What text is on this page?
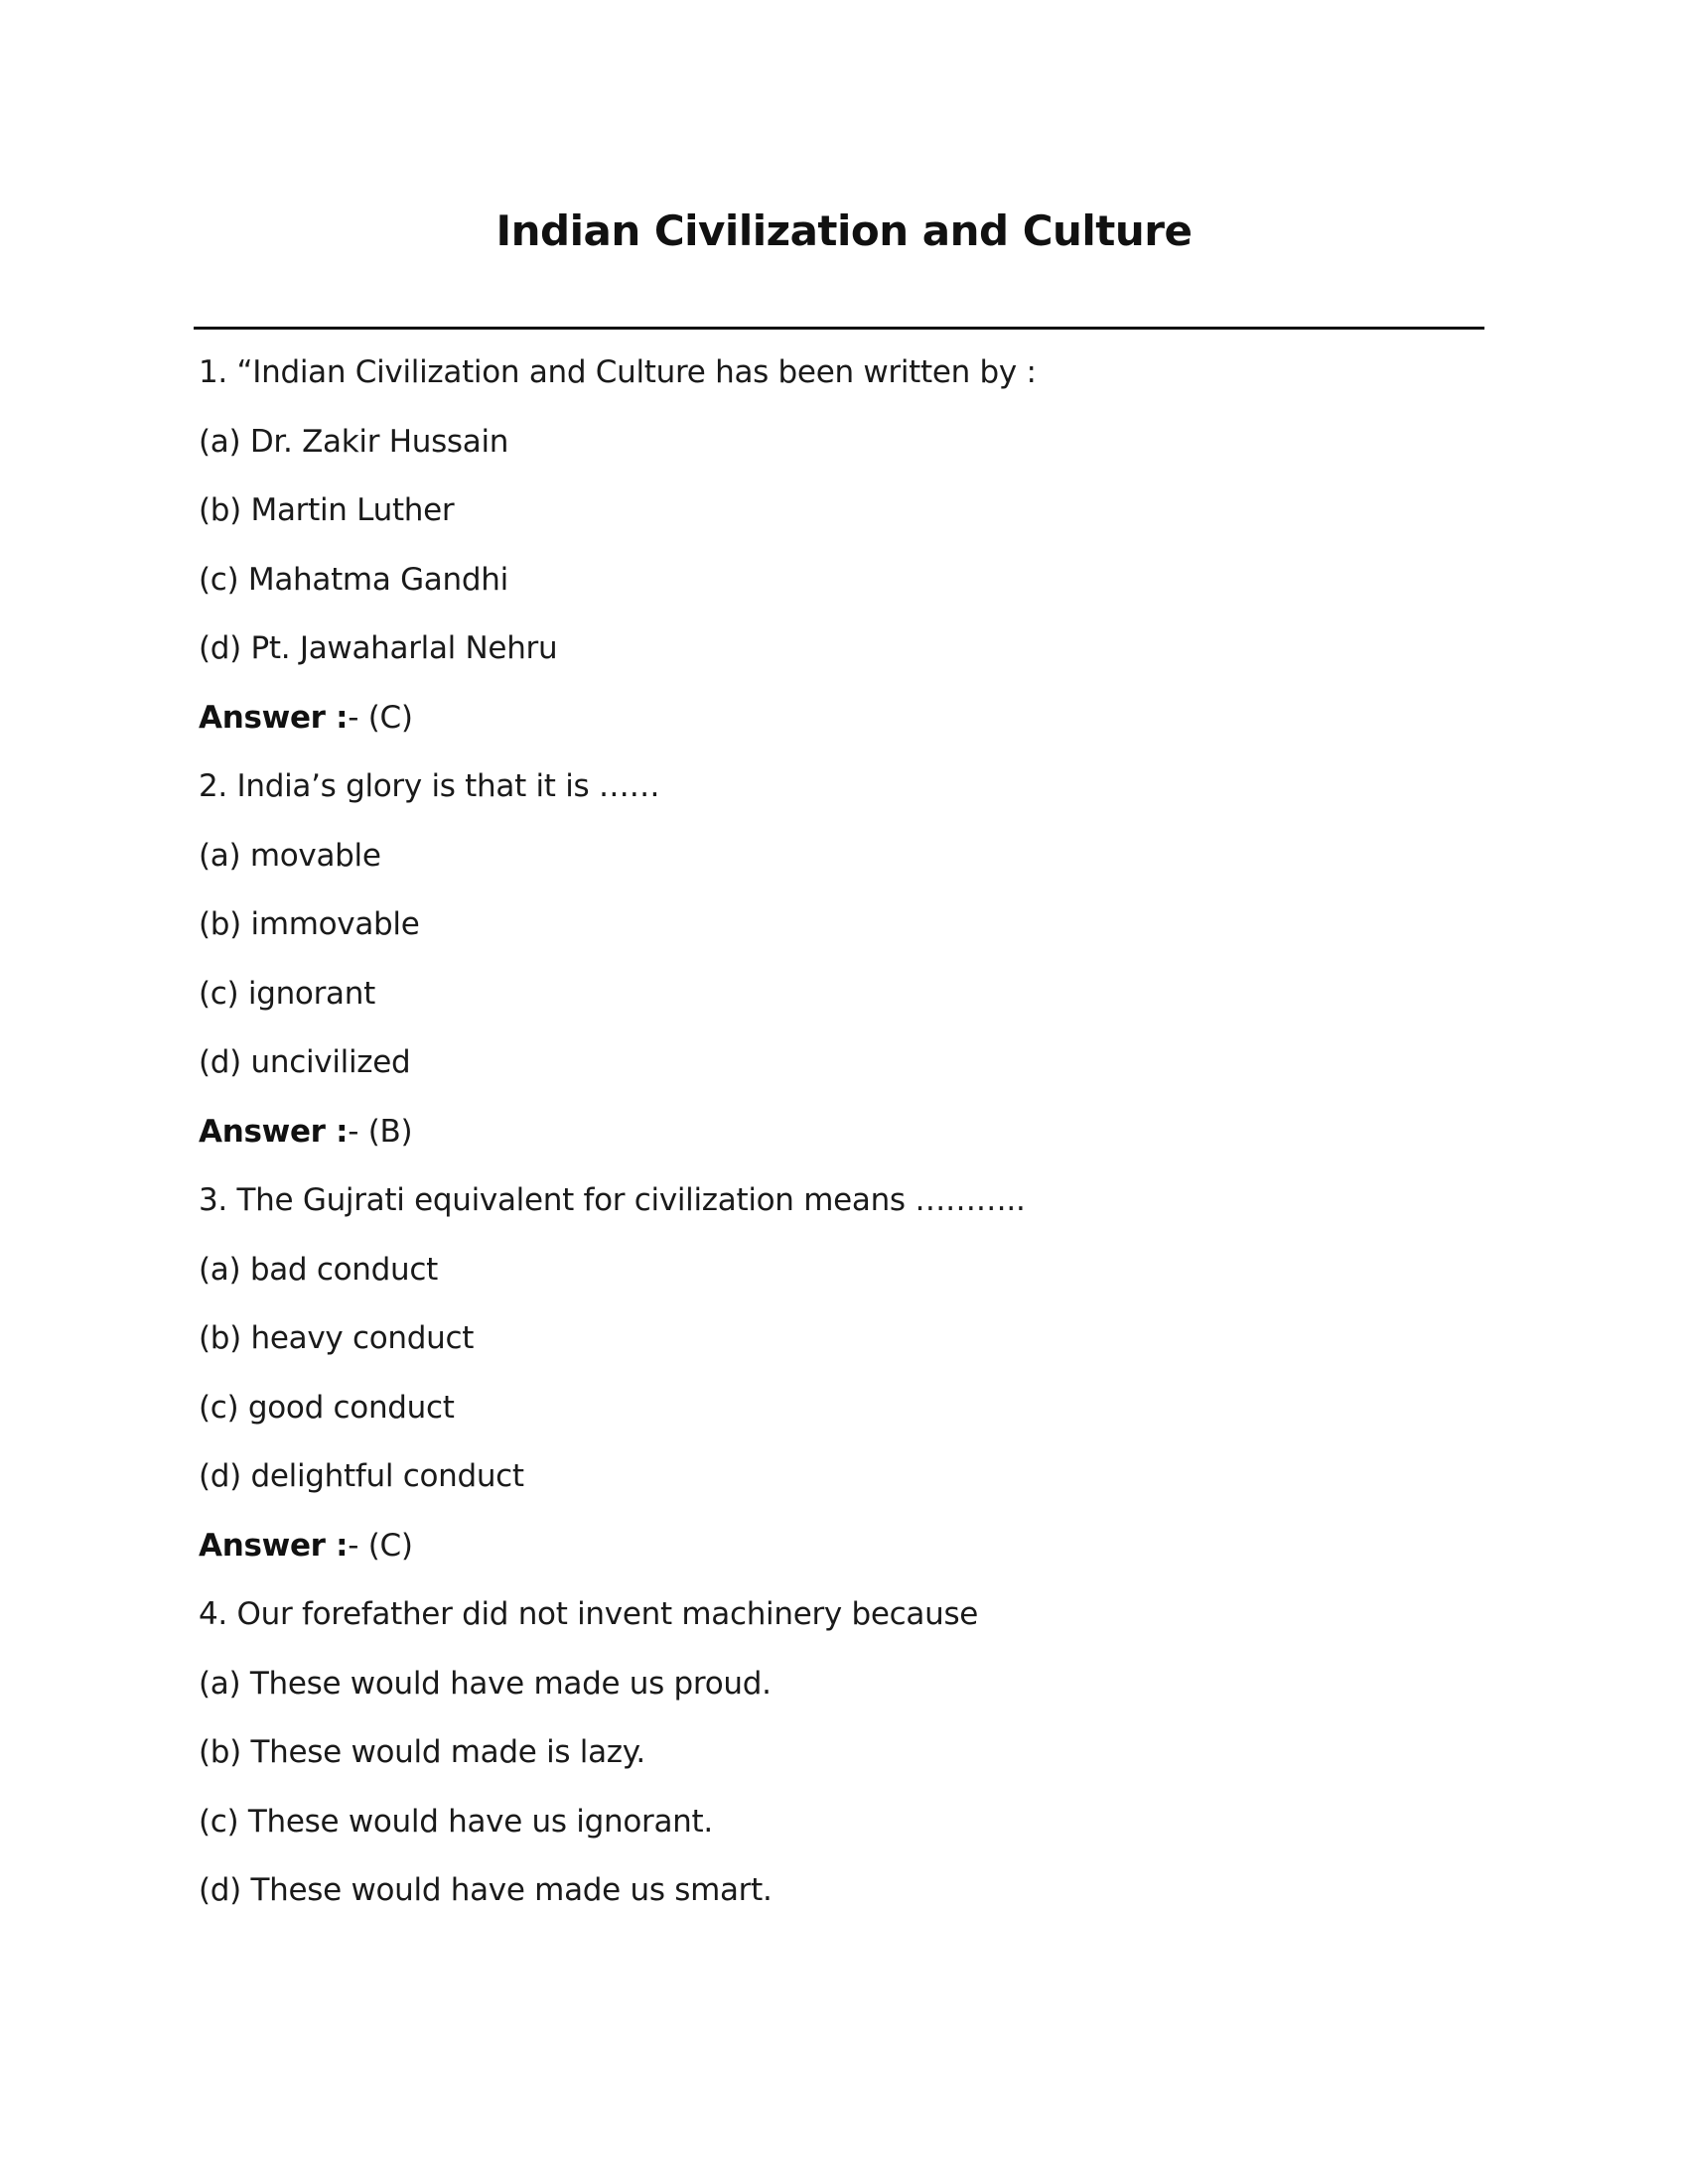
Indian Civilization and Culture
1. “Indian Civilization and Culture has been written by :
(a) Dr. Zakir Hussain
(b) Martin Luther
(c) Mahatma Gandhi
(d) Pt. Jawaharlal Nehru
Answer :- (C)
2. India’s glory is that it is ……
(a) movable
(b) immovable
(c) ignorant
(d) uncivilized
Answer :- (B)
3. The Gujrati equivalent for civilization means ………..
(a) bad conduct
(b) heavy conduct
(c) good conduct
(d) delightful conduct
Answer :- (C)
4. Our forefather did not invent machinery because
(a) These would have made us proud.
(b) These would made is lazy.
(c) These would have us ignorant.
(d) These would have made us smart.
